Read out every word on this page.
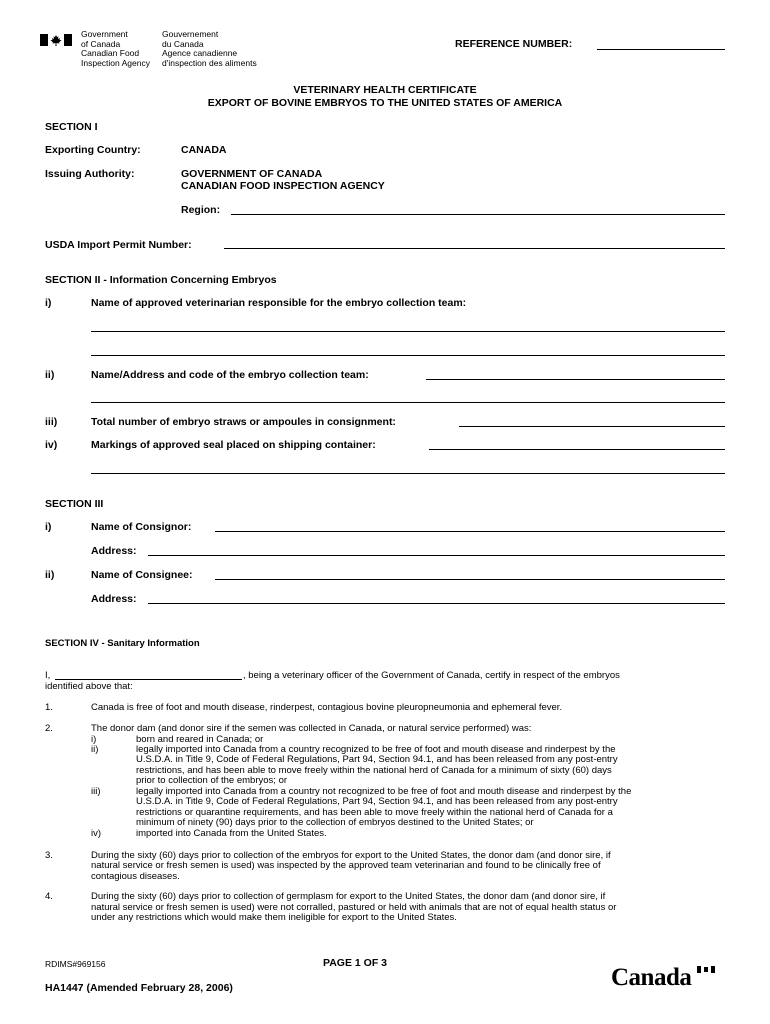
Government
of Canada
Gouvernement
du Canada
Canadian Food
Inspection Agency
Agence canadienne
d'inspection des aliments
REFERENCE NUMBER:
VETERINARY HEALTH CERTIFICATE
EXPORT OF BOVINE EMBRYOS TO THE UNITED STATES OF AMERICA
SECTION I
Exporting Country:	CANADA
Issuing Authority:	GOVERNMENT OF CANADA
CANADIAN FOOD INSPECTION AGENCY
Region:
USDA Import Permit Number:
SECTION II - Information Concerning Embryos
i)	Name of approved veterinarian responsible for the embryo collection team:
ii)	Name/Address and code of the embryo collection team:
iii)	Total number of embryo straws or ampoules in consignment:
iv)	Markings of approved seal placed on shipping container:
SECTION III
i)	Name of Consignor:
Address:
ii)	Name of Consignee:
Address:
SECTION IV - Sanitary Information
I,	, being a veterinary officer of the Government of Canada, certify in respect of the embryos
identified above that:
1.	Canada is free of foot and mouth disease, rinderpest, contagious bovine pleuropneumonia and ephemeral fever.
2.	The donor dam (and donor sire if the semen was collected in Canada, or natural service performed) was:
i)	born and reared in Canada; or
ii)	legally imported into Canada from a country recognized to be free of foot and mouth disease and rinderpest by the
U.S.D.A. in Title 9, Code of Federal Regulations, Part 94, Section 94.1, and has been released from any post-entry
restrictions, and has been able to move freely within the national herd of Canada for a minimum of sixty (60) days
prior to collection of the embryos; or
iii)	legally imported into Canada from a country not recognized to be free of foot and mouth disease and rinderpest by the
U.S.D.A. in Title 9, Code of Federal Regulations, Part 94, Section 94.1, and has been released from any post-entry
restrictions or quarantine requirements, and has been able to move freely within the national herd of Canada for a
minimum of ninety (90) days prior to the collection of embryos destined to the United States; or
iv)	imported into Canada from the United States.
3.	During the sixty (60) days prior to collection of the embryos for export to the United States, the donor dam (and donor sire, if
natural service or fresh semen is used) was inspected by the approved team veterinarian and found to be clinically free of
contagious diseases.
4.	During the sixty (60) days prior to collection of germplasm for export to the United States, the donor dam (and donor sire, if
natural service or fresh semen is used) were not corralled, pastured or held with animals that are not of equal health status or
under any restrictions which would make them ineligible for export to the United States.
RDIMS#969156	PAGE 1 OF 3
HA1447 (Amended February 28, 2006)	Canada
